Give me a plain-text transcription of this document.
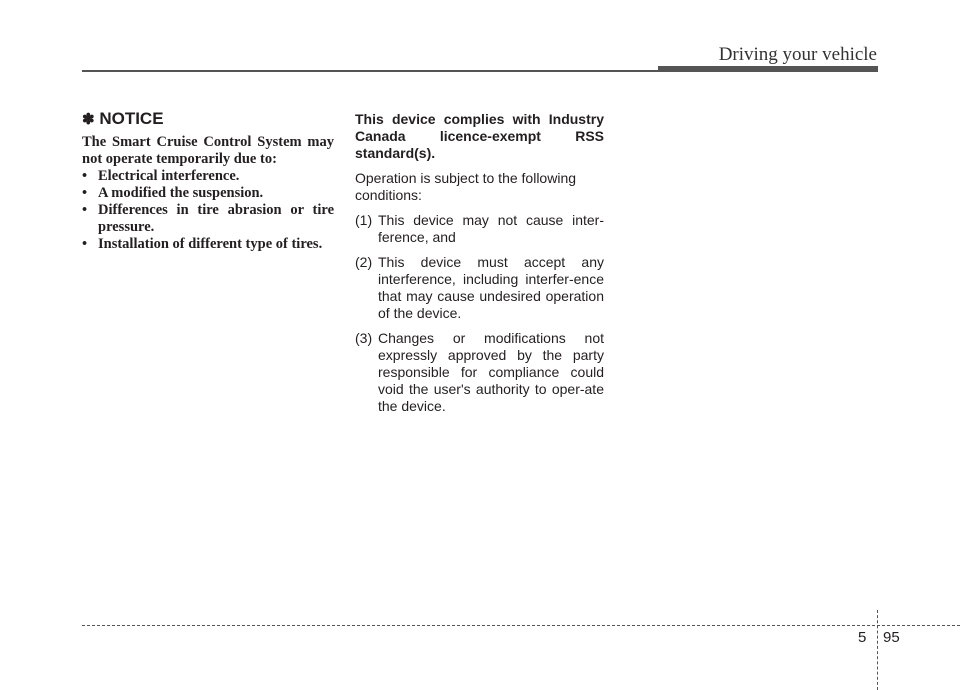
Driving your vehicle
✽ NOTICE

The Smart Cruise Control System may not operate temporarily due to:

• Electrical interference.
• A modified the suspension.
• Differences in tire abrasion or tire pressure.
• Installation of different type of tires.

This device complies with Industry Canada licence-exempt RSS standard(s).

Operation is subject to the following conditions:

(1) This device may not cause inter-ference, and
(2) This device must accept any interference, including interfer-ence that may cause undesired operation of the device.
(3) Changes or modifications not expressly approved by the party responsible for compliance could void the user's authority to oper-ate the device.
5 95
